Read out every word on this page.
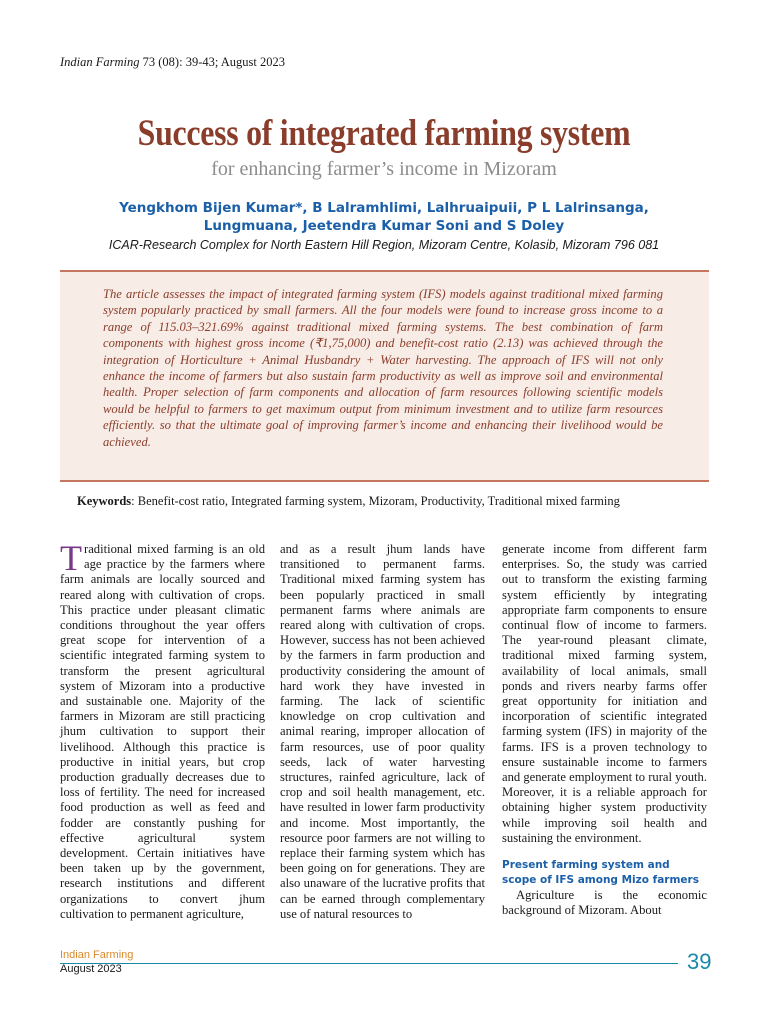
Indian Farming 73 (08): 39-43; August 2023
Success of integrated farming system
for enhancing farmer’s income in Mizoram
Yengkhom Bijen Kumar*, B Lalramhlimi, Lalhruaipuii, P L Lalrinsanga,
Lungmuana, Jeetendra Kumar Soni and S Doley
ICAR-Research Complex for North Eastern Hill Region, Mizoram Centre, Kolasib, Mizoram 796 081
The article assesses the impact of integrated farming system (IFS) models against traditional mixed farming system popularly practiced by small farmers. All the four models were found to increase gross income to a range of 115.03–321.69% against traditional mixed farming systems. The best combination of farm components with highest gross income (₹1,75,000) and benefit-cost ratio (2.13) was achieved through the integration of Horticulture + Animal Husbandry + Water harvesting. The approach of IFS will not only enhance the income of farmers but also sustain farm productivity as well as improve soil and environmental health. Proper selection of farm components and allocation of farm resources following scientific models would be helpful to farmers to get maximum output from minimum investment and to utilize farm resources efficiently. so that the ultimate goal of improving farmer’s income and enhancing their livelihood would be achieved.
Keywords: Benefit-cost ratio, Integrated farming system, Mizoram, Productivity, Traditional mixed farming

Traditional mixed farming is an old age practice by the farmers where farm animals are locally sourced and reared along with cultivation of crops. This practice under pleasant climatic conditions throughout the year offers great scope for intervention of a scientific integrated farming system to transform the present agricultural system of Mizoram into a productive and sustainable one. Majority of the farmers in Mizoram are still practicing jhum cultivation to support their livelihood. Although this practice is productive in initial years, but crop production gradually decreases due to loss of fertility. The need for increased food production as well as feed and fodder are constantly pushing for effective agricultural system development. Certain initiatives have been taken up by the government, research institutions and different organizations to convert jhum cultivation to permanent agriculture,

and as a result jhum lands have transitioned to permanent farms. Traditional mixed farming system has been popularly practiced in small permanent farms where animals are reared along with cultivation of crops. However, success has not been achieved by the farmers in farm production and productivity considering the amount of hard work they have invested in farming. The lack of scientific knowledge on crop cultivation and animal rearing, improper allocation of farm resources, use of poor quality seeds, lack of water harvesting structures, rainfed agriculture, lack of crop and soil health management, etc. have resulted in lower farm productivity and income. Most importantly, the resource poor farmers are not willing to replace their farming system which has been going on for generations. They are also unaware of the lucrative profits that can be earned through complementary use of natural resources to

generate income from different farm enterprises. So, the study was carried out to transform the existing farming system efficiently by integrating appropriate farm components to ensure continual flow of income to farmers. The year-round pleasant climate, traditional mixed farming system, availability of local animals, small ponds and rivers nearby farms offer great opportunity for initiation and incorporation of scientific integrated farming system (IFS) in majority of the farms. IFS is a proven technology to ensure sustainable income to farmers and generate employment to rural youth. Moreover, it is a reliable approach for obtaining higher system productivity while improving soil health and sustaining the environment.

Present farming system and scope of IFS among Mizo farmers

Agriculture is the economic background of Mizoram. About

Indian Farming
August 2023	39
